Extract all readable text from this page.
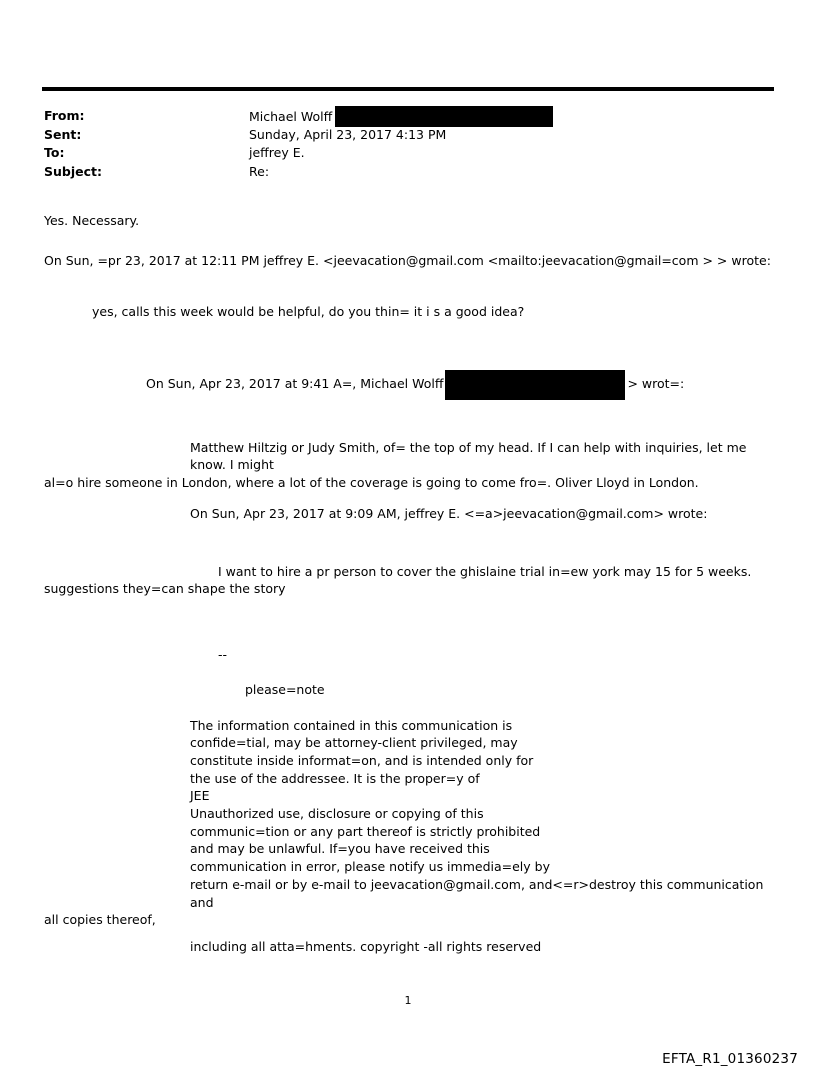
From:	Michael Wolff
Sent:	Sunday, April 23, 2017 4:13 PM
To:	jeffrey E.
Subject:	Re:

Yes. Necessary.

On Sun, =pr 23, 2017 at 12:11 PM jeffrey E. <jeevacation@gmail.com <mailto:jeevacation@gmail=com > > wrote:

yes, calls this week would be helpful, do you thin= it i s a good idea?

On Sun, Apr 23, 2017 at 9:41 A=, Michael Wolff	> wrot=:

Matthew Hiltzig or Judy Smith, of= the top of my head. If I can help with inquiries, let me know. I might

al=o hire someone in London, where a lot of the coverage is going to come fro=. Oliver Lloyd in London.

On Sun, Apr 23, 2017 at 9:09 AM, jeffrey E. <=a>jeevacation@gmail.com> wrote:

I want to hire a pr person to cover the ghislaine trial in=ew york may 15 for 5 weeks.

suggestions they=can shape the story

--

please=note

The information contained in this communication is

confide=tial, may be attorney-client privileged, may

constitute inside informat=on, and is intended only for

the use of the addressee. It is the proper=y of

JEE

Unauthorized use, disclosure or copying of this

communic=tion or any part thereof is strictly prohibited

and may be unlawful. If=you have received this

communication in error, please notify us immedia=ely by

return e-mail or by e-mail to jeevacation@gmail.com, and<=r>destroy this communication and

all copies thereof,

including all atta=hments. copyright -all rights reserved

1
EFTA_R1_01360237
